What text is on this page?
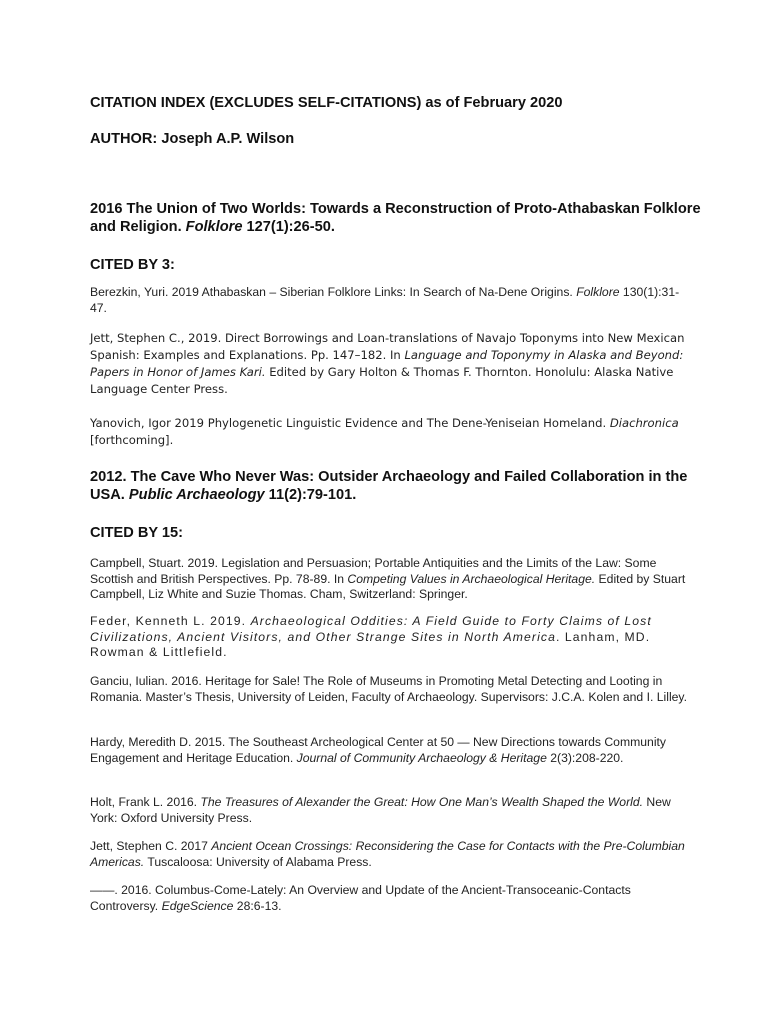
CITATION INDEX (EXCLUDES SELF-CITATIONS) as of February 2020

AUTHOR: Joseph A.P. Wilson

2016 The Union of Two Worlds: Towards a Reconstruction of Proto-Athabaskan Folklore and Religion. Folklore 127(1):26-50.

CITED BY 3:

Berezkin, Yuri. 2019 Athabaskan – Siberian Folklore Links: In Search of Na-Dene Origins. Folklore 130(1):31-47.

Jett, Stephen C., 2019. Direct Borrowings and Loan-translations of Navajo Toponyms into New Mexican Spanish: Examples and Explanations. Pp. 147–182. In Language and Toponymy in Alaska and Beyond: Papers in Honor of James Kari. Edited by Gary Holton & Thomas F. Thornton. Honolulu: Alaska Native Language Center Press.

Yanovich, Igor 2019 Phylogenetic Linguistic Evidence and The Dene-Yeniseian Homeland. Diachronica [forthcoming].

2012. The Cave Who Never Was: Outsider Archaeology and Failed Collaboration in the USA. Public Archaeology 11(2):79-101.

CITED BY 15:

Campbell, Stuart. 2019. Legislation and Persuasion; Portable Antiquities and the Limits of the Law: Some Scottish and British Perspectives. Pp. 78-89. In Competing Values in Archaeological Heritage. Edited by Stuart Campbell, Liz White and Suzie Thomas. Cham, Switzerland: Springer.

Feder, Kenneth L. 2019. Archaeological Oddities: A Field Guide to Forty Claims of Lost Civilizations, Ancient Visitors, and Other Strange Sites in North America. Lanham, MD. Rowman & Littlefield.

Ganciu, Iulian. 2016. Heritage for Sale! The Role of Museums in Promoting Metal Detecting and Looting in Romania. Master’s Thesis, University of Leiden, Faculty of Archaeology. Supervisors: J.C.A. Kolen and I. Lilley.

Hardy, Meredith D. 2015. The Southeast Archeological Center at 50 — New Directions towards Community Engagement and Heritage Education. Journal of Community Archaeology & Heritage 2(3):208-220.

Holt, Frank L. 2016. The Treasures of Alexander the Great: How One Man’s Wealth Shaped the World. New York: Oxford University Press.

Jett, Stephen C. 2017 Ancient Ocean Crossings: Reconsidering the Case for Contacts with the Pre-Columbian Americas. Tuscaloosa: University of Alabama Press.

——. 2016. Columbus-Come-Lately: An Overview and Update of the Ancient-Transoceanic-Contacts Controversy. EdgeScience 28:6-13.
